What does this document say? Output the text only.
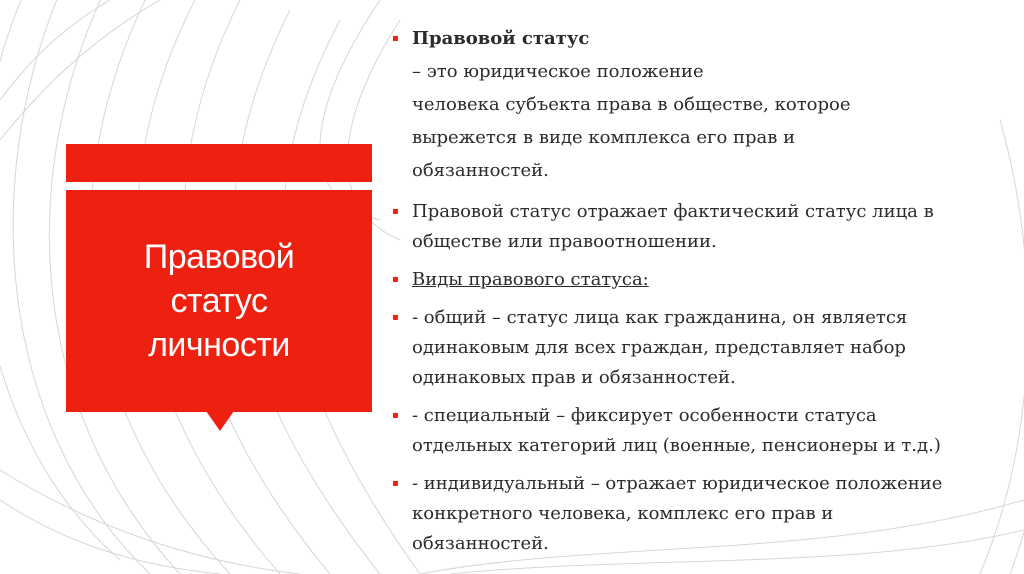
Правовой
статус
личности

▪ Правовой статус
– это юридическое положение
человека субъекта права в обществе, которое
вырежется в виде комплекса его прав и
обязанностей.
▪ Правовой статус отражает фактический статус лица в
обществе или правоотношении.
▪ Виды правового статуса:
▪ - общий – статус лица как гражданина, он является
одинаковым для всех граждан, представляет набор
одинаковых прав и обязанностей.
▪ - специальный – фиксирует особенности статуса
отдельных категорий лиц (военные, пенсионеры и т.д.)
▪ - индивидуальный – отражает юридическое положение
конкретного человека, комплекс его прав и
обязанностей.
